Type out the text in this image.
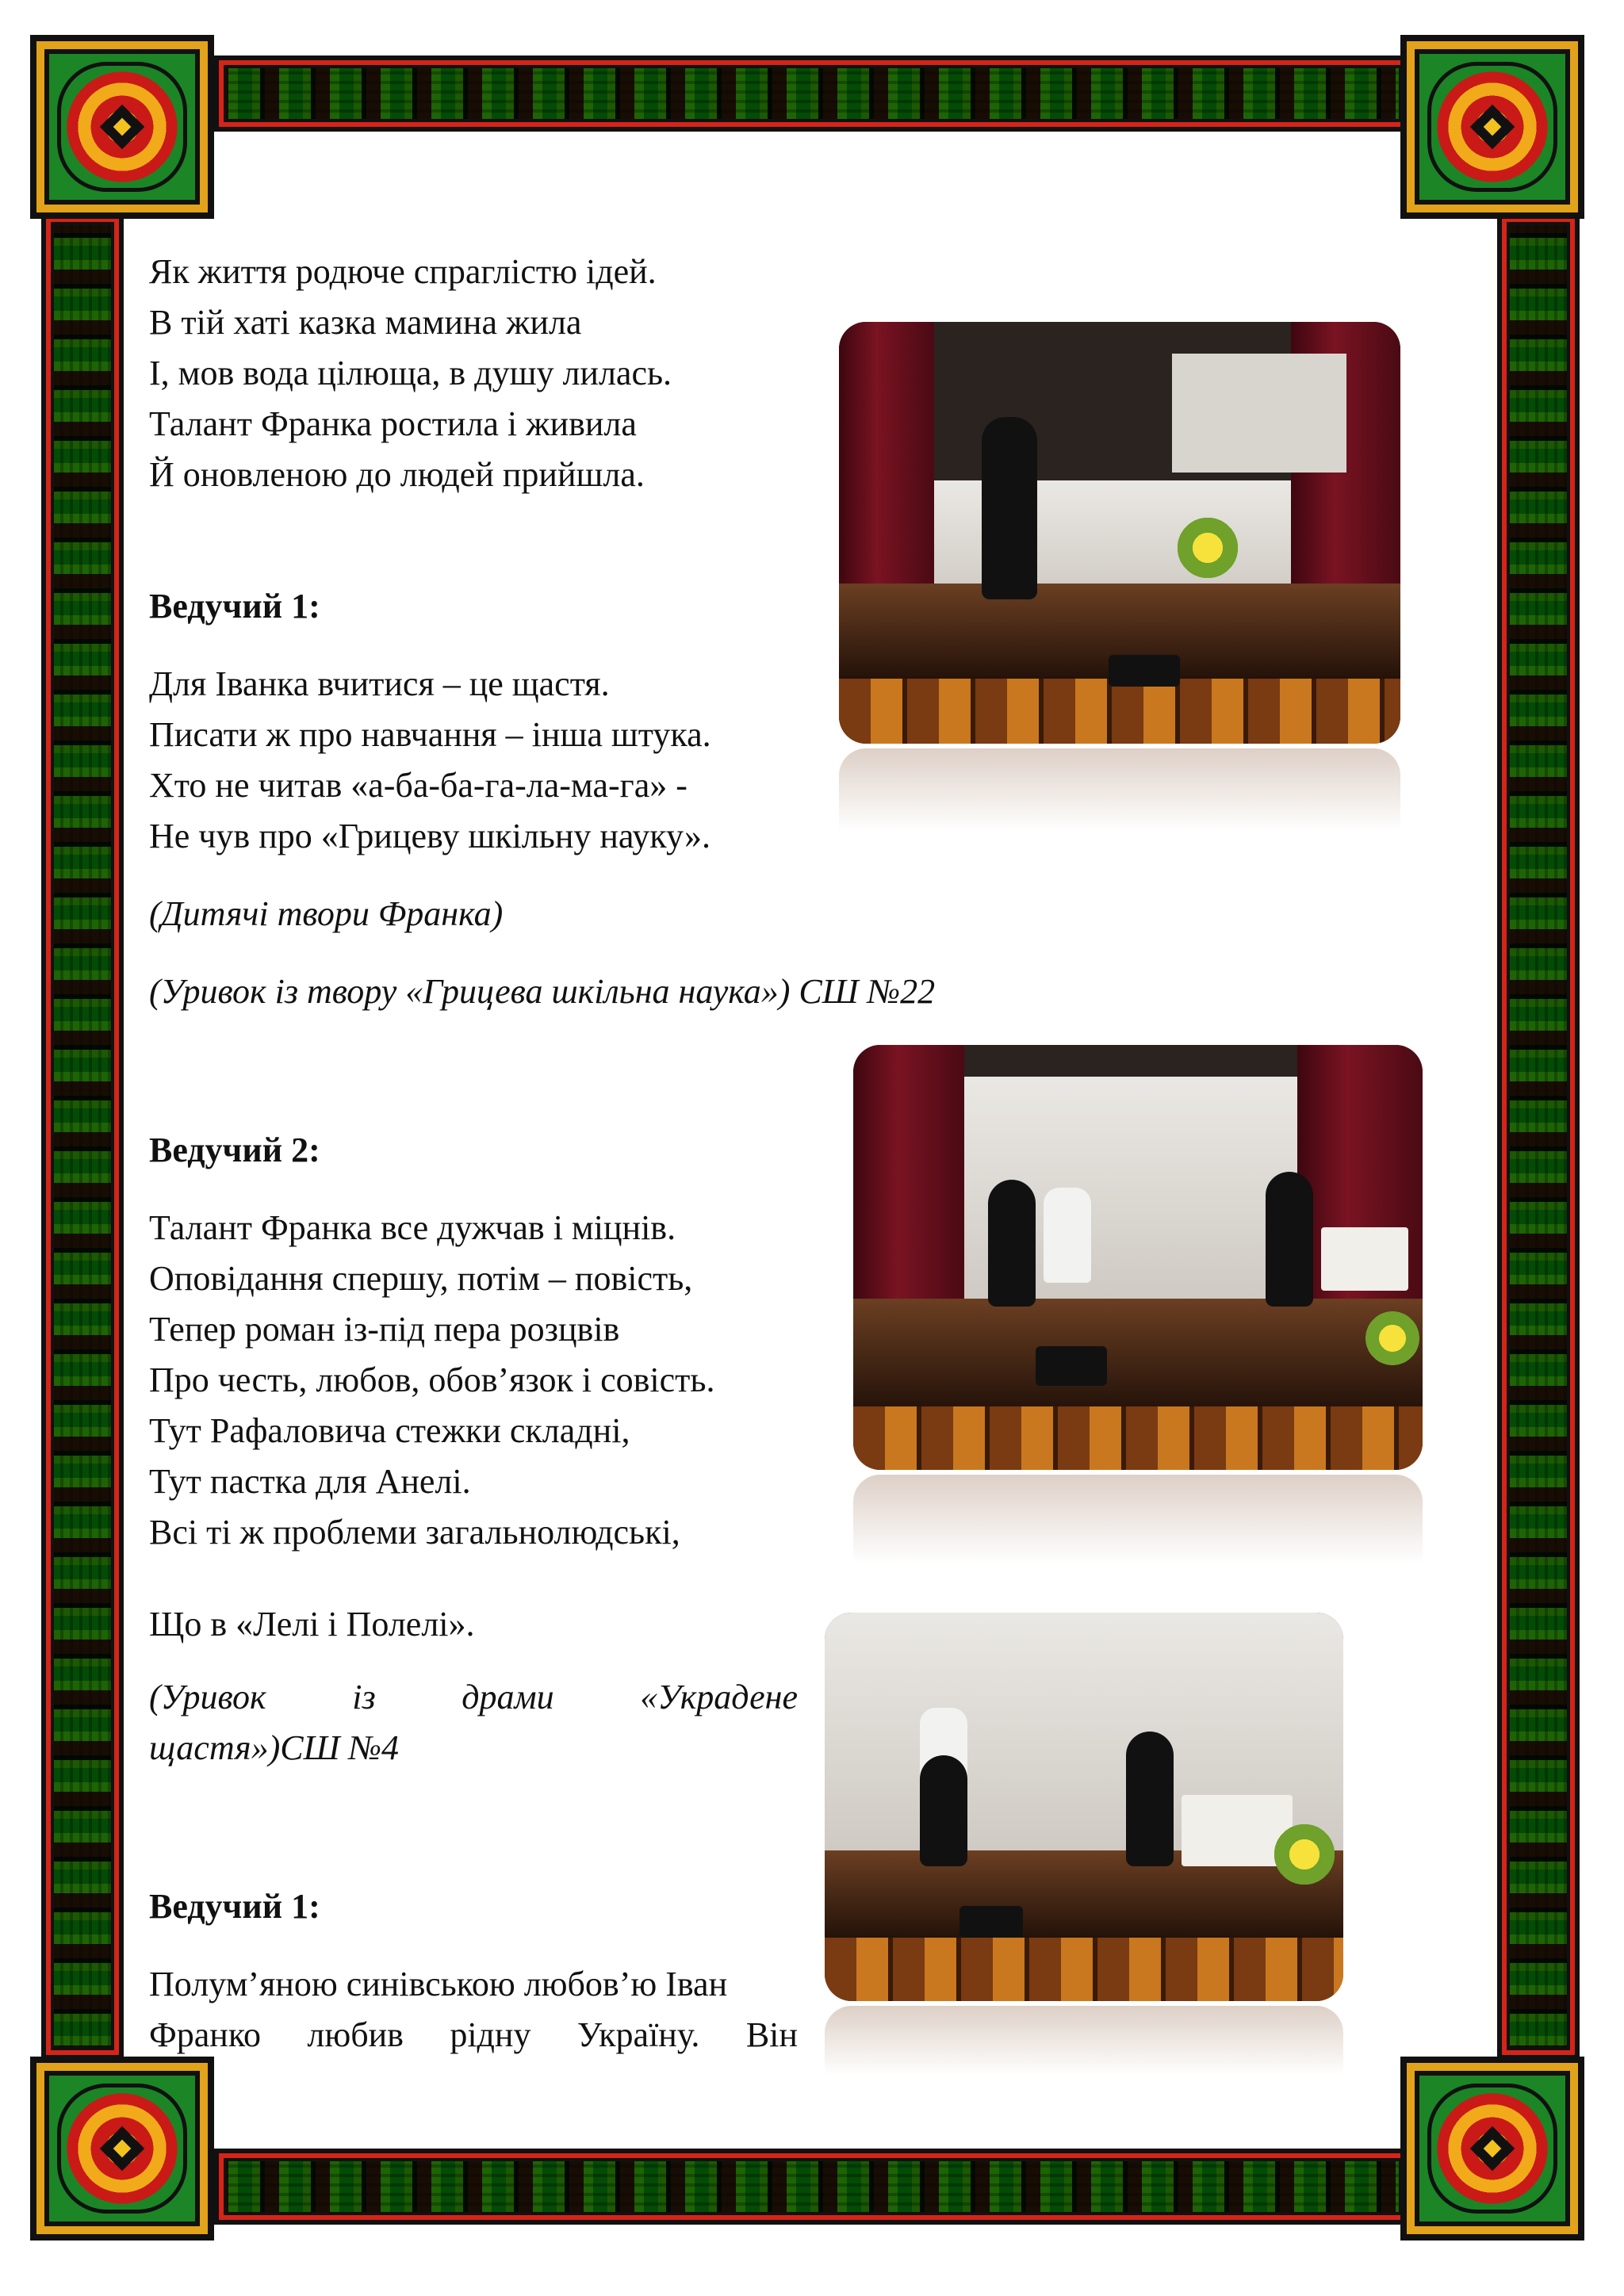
Як життя родюче спраглістю ідей.

В тій хаті казка мамина жила

І, мов вода цілюща, в душу лилась.

Талант Франка ростила і живила

Й оновленою до людей прийшла.

Ведучий 1:

Для Іванка вчитися – це щастя.

Писати ж про навчання – інша штука.

Хто не читав «а-ба-ба-га-ла-ма-га» -

Не чув про «Грицеву шкільну науку».

(Дитячі твори Франка)

(Уривок із твору «Грицева шкільна наука») СШ №22

Ведучий 2:

Талант Франка все дужчав і міцнів.

Оповідання спершу, потім – повість,

Тепер роман із-під пера розцвів

Про честь, любов, обов’язок і совість.

Тут Рафаловича стежки складні,

Тут пастка для Анелі.

Всі ті ж проблеми загальнолюдські,

Що в «Лелі і Полелі».

(Уривок із драми «Украдене

щастя»)СШ №4

Ведучий 1:

Полум’яною синівською любов’ю Іван

Франко любив рідну Україну. Він
